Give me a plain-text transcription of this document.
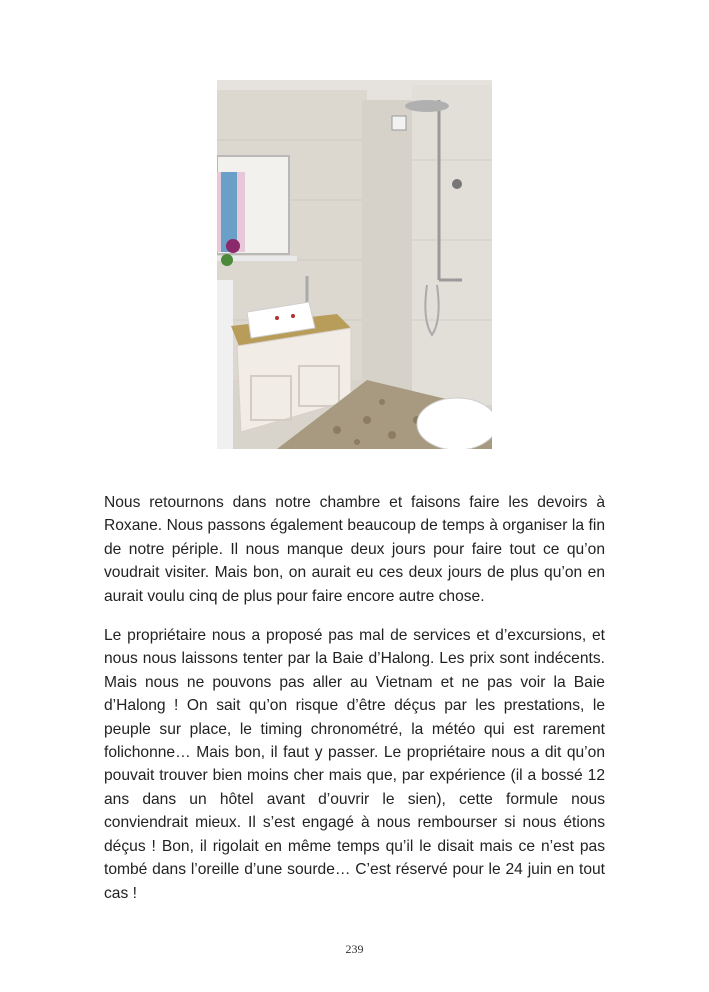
Nous retournons dans notre chambre et faisons faire les devoirs à Roxane. Nous passons également beaucoup de temps à organiser la fin de notre périple. Il nous manque deux jours pour faire tout ce qu’on voudrait visiter. Mais bon, on aurait eu ces deux jours de plus qu’on en aurait voulu cinq de plus pour faire encore autre chose.

Le propriétaire nous a proposé pas mal de services et d’excursions, et nous nous laissons tenter par la Baie d’Halong. Les prix sont indécents. Mais nous ne pouvons pas aller au Vietnam et ne pas voir la Baie d’Halong ! On sait qu’on risque d’être déçus par les prestations, le peuple sur place, le timing chronométré, la météo qui est rarement folichonne… Mais bon, il faut y passer. Le propriétaire nous a dit qu’on pouvait trouver bien moins cher mais que, par expérience (il a bossé 12 ans dans un hôtel avant d’ouvrir le sien), cette formule nous conviendrait mieux. Il s’est engagé à nous rembourser si nous étions déçus ! Bon, il rigolait en même temps qu’il le disait mais ce n’est pas tombé dans l’oreille d’une sourde… C’est réservé pour le 24 juin en tout cas !

239
